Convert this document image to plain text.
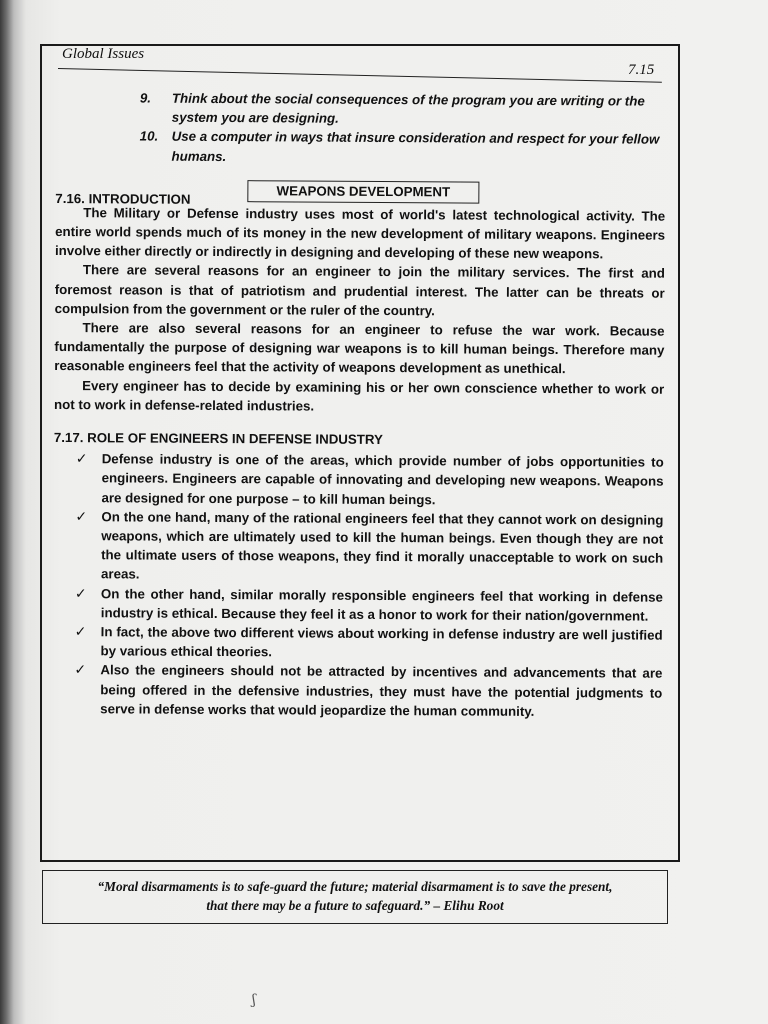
Global Issues
7.15
9. Think about the social consequences of the program you are writing or the system you are designing.
10. Use a computer in ways that insure consideration and respect for your fellow humans.
7.16. INTRODUCTION	WEAPONS DEVELOPMENT
The Military or Defense industry uses most of world's latest technological activity. The entire world spends much of its money in the new development of military weapons. Engineers involve either directly or indirectly in designing and developing of these new weapons.
There are several reasons for an engineer to join the military services. The first and foremost reason is that of patriotism and prudential interest. The latter can be threats or compulsion from the government or the ruler of the country.
There are also several reasons for an engineer to refuse the war work. Because fundamentally the purpose of designing war weapons is to kill human beings. Therefore many reasonable engineers feel that the activity of weapons development as unethical.
Every engineer has to decide by examining his or her own conscience whether to work or not to work in defense-related industries.
7.17. ROLE OF ENGINEERS IN DEFENSE INDUSTRY
✓ Defense industry is one of the areas, which provide number of jobs opportunities to engineers. Engineers are capable of innovating and developing new weapons. Weapons are designed for one purpose – to kill human beings.
✓ On the one hand, many of the rational engineers feel that they cannot work on designing weapons, which are ultimately used to kill the human beings. Even though they are not the ultimate users of those weapons, they find it morally unacceptable to work on such areas.
✓ On the other hand, similar morally responsible engineers feel that working in defense industry is ethical. Because they feel it as a honor to work for their nation/government.
✓ In fact, the above two different views about working in defense industry are well justified by various ethical theories.
✓ Also the engineers should not be attracted by incentives and advancements that are being offered in the defensive industries, they must have the potential judgments to serve in defense works that would jeopardize the human community.
“Moral disarmaments is to safe-guard the future; material disarmament is to save the present,
that there may be a future to safeguard.” – Elihu Root
ʃ
